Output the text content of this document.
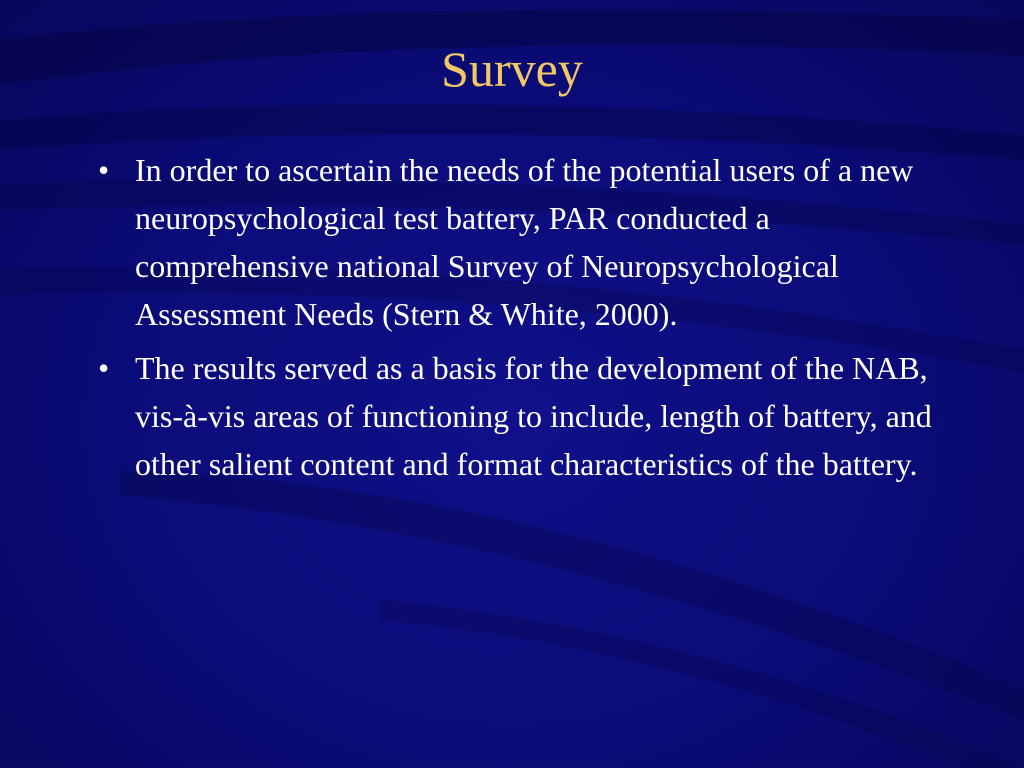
Survey
• In order to ascertain the needs of the potential users of a new neuropsychological test battery, PAR conducted a comprehensive national Survey of Neuropsychological Assessment Needs (Stern & White, 2000).
• The results served as a basis for the development of the NAB, vis-à-vis areas of functioning to include, length of battery, and other salient content and format characteristics of the battery.
